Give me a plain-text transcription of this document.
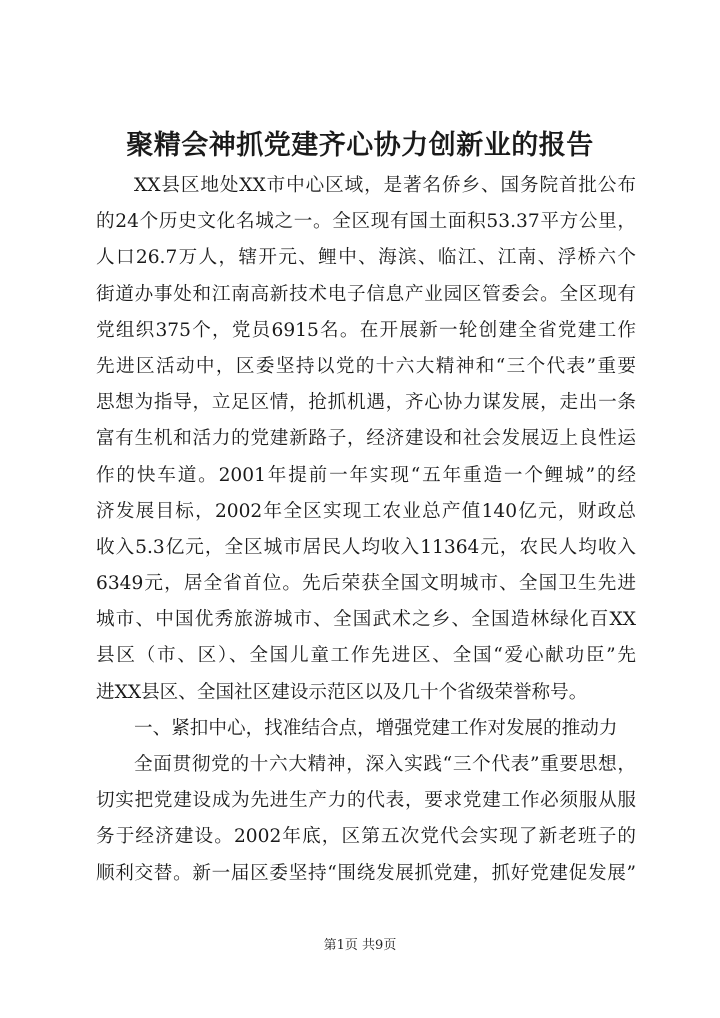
聚精会神抓党建齐心协力创新业的报告
XX县区地处XX市中心区域，是著名侨乡、国务院首批公布
的24个历史文化名城之一。全区现有国土面积53.37平方公里，
人口26.7万人，辖开元、鲤中、海滨、临江、江南、浮桥六个
街道办事处和江南高新技术电子信息产业园区管委会。全区现有
党组织375个，党员6915名。在开展新一轮创建全省党建工作
先进区活动中，区委坚持以党的十六大精神和“三个代表”重要
思想为指导，立足区情，抢抓机遇，齐心协力谋发展，走出一条
富有生机和活力的党建新路子，经济建设和社会发展迈上良性运
作的快车道。2001年提前一年实现“五年重造一个鲤城”的经
济发展目标，2002年全区实现工农业总产值140亿元，财政总
收入5.3亿元，全区城市居民人均收入11364元，农民人均收入
6349元，居全省首位。先后荣获全国文明城市、全国卫生先进
城市、中国优秀旅游城市、全国武术之乡、全国造林绿化百XX
县区（市、区）、全国儿童工作先进区、全国“爱心献功臣”先
进XX县区、全国社区建设示范区以及几十个省级荣誉称号。
一、紧扣中心，找准结合点，增强党建工作对发展的推动力
全面贯彻党的十六大精神，深入实践“三个代表”重要思想，
切实把党建设成为先进生产力的代表，要求党建工作必须服从服
务于经济建设。2002年底，区第五次党代会实现了新老班子的
顺利交替。新一届区委坚持“围绕发展抓党建，抓好党建促发展”
第1页 共9页
